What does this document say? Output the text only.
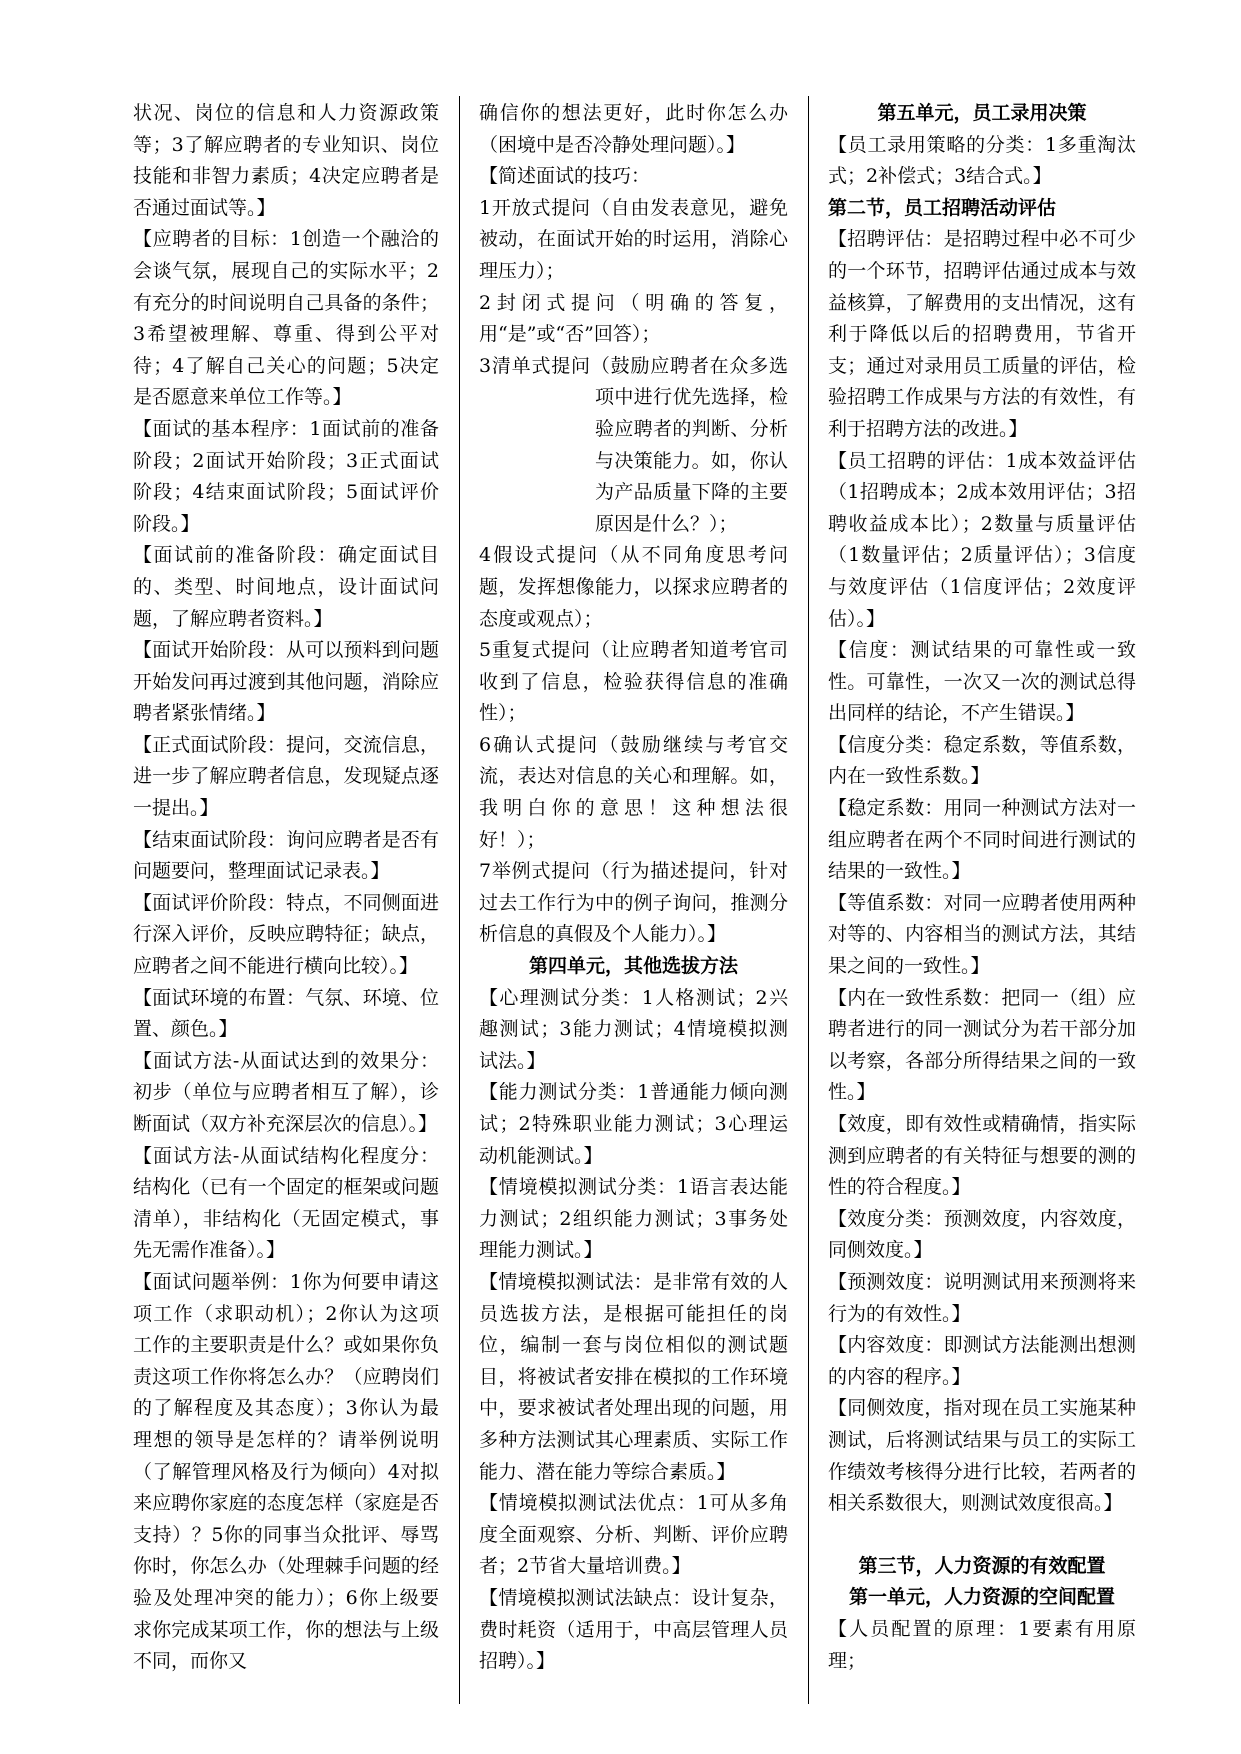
状况、岗位的信息和人力资源政策等；3了解应聘者的专业知识、岗位技能和非智力素质；4决定应聘者是否通过面试等。】

【应聘者的目标：1创造一个融洽的会谈气氛，展现自己的实际水平；2有充分的时间说明自己具备的条件；3希望被理解、尊重、得到公平对待；4了解自己关心的问题；5决定是否愿意来单位工作等。】

【面试的基本程序：1面试前的准备阶段；2面试开始阶段；3正式面试阶段；4结束面试阶段；5面试评价阶段。】

【面试前的准备阶段：确定面试目的、类型、时间地点，设计面试问题，了解应聘者资料。】

【面试开始阶段：从可以预料到问题开始发问再过渡到其他问题，消除应聘者紧张情绪。】

【正式面试阶段：提问，交流信息，进一步了解应聘者信息，发现疑点逐一提出。】

【结束面试阶段：询问应聘者是否有问题要问，整理面试记录表。】

【面试评价阶段：特点，不同侧面进行深入评价，反映应聘特征；缺点，应聘者之间不能进行横向比较）。】

【面试环境的布置：气氛、环境、位置、颜色。】

【面试方法-从面试达到的效果分：初步（单位与应聘者相互了解），诊断面试（双方补充深层次的信息）。】

【面试方法-从面试结构化程度分：结构化（已有一个固定的框架或问题清单），非结构化（无固定模式，事先无需作准备）。】

【面试问题举例：1你为何要申请这项工作（求职动机）；2你认为这项工作的主要职责是什么？或如果你负责这项工作你将怎么办？（应聘岗们的了解程度及其态度）；3你认为最理想的领导是怎样的？请举例说明（了解管理风格及行为倾向）4对拟来应聘你家庭的态度怎样（家庭是否支持）？5你的同事当众批评、辱骂你时，你怎么办（处理棘手问题的经验及处理冲突的能力）；6你上级要求你完成某项工作，你的想法与上级不同，而你又

确信你的想法更好，此时你怎么办（困境中是否冷静处理问题）。】

【简述面试的技巧：

1开放式提问（自由发表意见，避免被动，在面试开始的时运用，消除心理压力）；

2封闭式提问（明确的答复，用“是”或“否”回答）；

3清单式提问（鼓励应聘者在众多选项中进行优先选择，检验应聘者的判断、分析与决策能力。如，你认为产品质量下降的主要原因是什么？）；

4假设式提问（从不同角度思考问题，发挥想像能力，以探求应聘者的态度或观点）；

5重复式提问（让应聘者知道考官司收到了信息，检验获得信息的准确性）；

6确认式提问（鼓励继续与考官交流，表达对信息的关心和理解。如，我明白你的意思！这种想法很好！）；

7举例式提问（行为描述提问，针对过去工作行为中的例子询问，推测分析信息的真假及个人能力）。】

第四单元，其他选拔方法

【心理测试分类：1人格测试；2兴趣测试；3能力测试；4情境模拟测试法。】

【能力测试分类：1普通能力倾向测试；2特殊职业能力测试；3心理运动机能测试。】

【情境模拟测试分类：1语言表达能力测试；2组织能力测试；3事务处理能力测试。】

【情境模拟测试法：是非常有效的人员选拔方法，是根据可能担任的岗位，编制一套与岗位相似的测试题目，将被试者安排在模拟的工作环境中，要求被试者处理出现的问题，用多种方法测试其心理素质、实际工作能力、潜在能力等综合素质。】

【情境模拟测试法优点：1可从多角度全面观察、分析、判断、评价应聘者；2节省大量培训费。】

【情境模拟测试法缺点：设计复杂，费时耗资（适用于，中高层管理人员招聘）。】

第五单元，员工录用决策

【员工录用策略的分类：1多重淘汰式；2补偿式；3结合式。】

第二节，员工招聘活动评估

【招聘评估：是招聘过程中必不可少的一个环节，招聘评估通过成本与效益核算，了解费用的支出情况，这有利于降低以后的招聘费用，节省开支；通过对录用员工质量的评估，检验招聘工作成果与方法的有效性，有利于招聘方法的改进。】

【员工招聘的评估：1成本效益评估（1招聘成本；2成本效用评估；3招聘收益成本比）；2数量与质量评估（1数量评估；2质量评估）；3信度与效度评估（1信度评估；2效度评估）。】

【信度：测试结果的可靠性或一致性。可靠性，一次又一次的测试总得出同样的结论，不产生错误。】

【信度分类：稳定系数，等值系数，内在一致性系数。】

【稳定系数：用同一种测试方法对一组应聘者在两个不同时间进行测试的结果的一致性。】

【等值系数：对同一应聘者使用两种对等的、内容相当的测试方法，其结果之间的一致性。】

【内在一致性系数：把同一（组）应聘者进行的同一测试分为若干部分加以考察，各部分所得结果之间的一致性。】

【效度，即有效性或精确情，指实际测到应聘者的有关特征与想要的测的性的符合程度。】

【效度分类：预测效度，内容效度，同侧效度。】

【预测效度：说明测试用来预测将来行为的有效性。】

【内容效度：即测试方法能测出想测的内容的程序。】

【同侧效度，指对现在员工实施某种测试，后将测试结果与员工的实际工作绩效考核得分进行比较，若两者的相关系数很大，则测试效度很高。】

第三节，人力资源的有效配置

第一单元，人力资源的空间配置

【人员配置的原理：1要素有用原理；
